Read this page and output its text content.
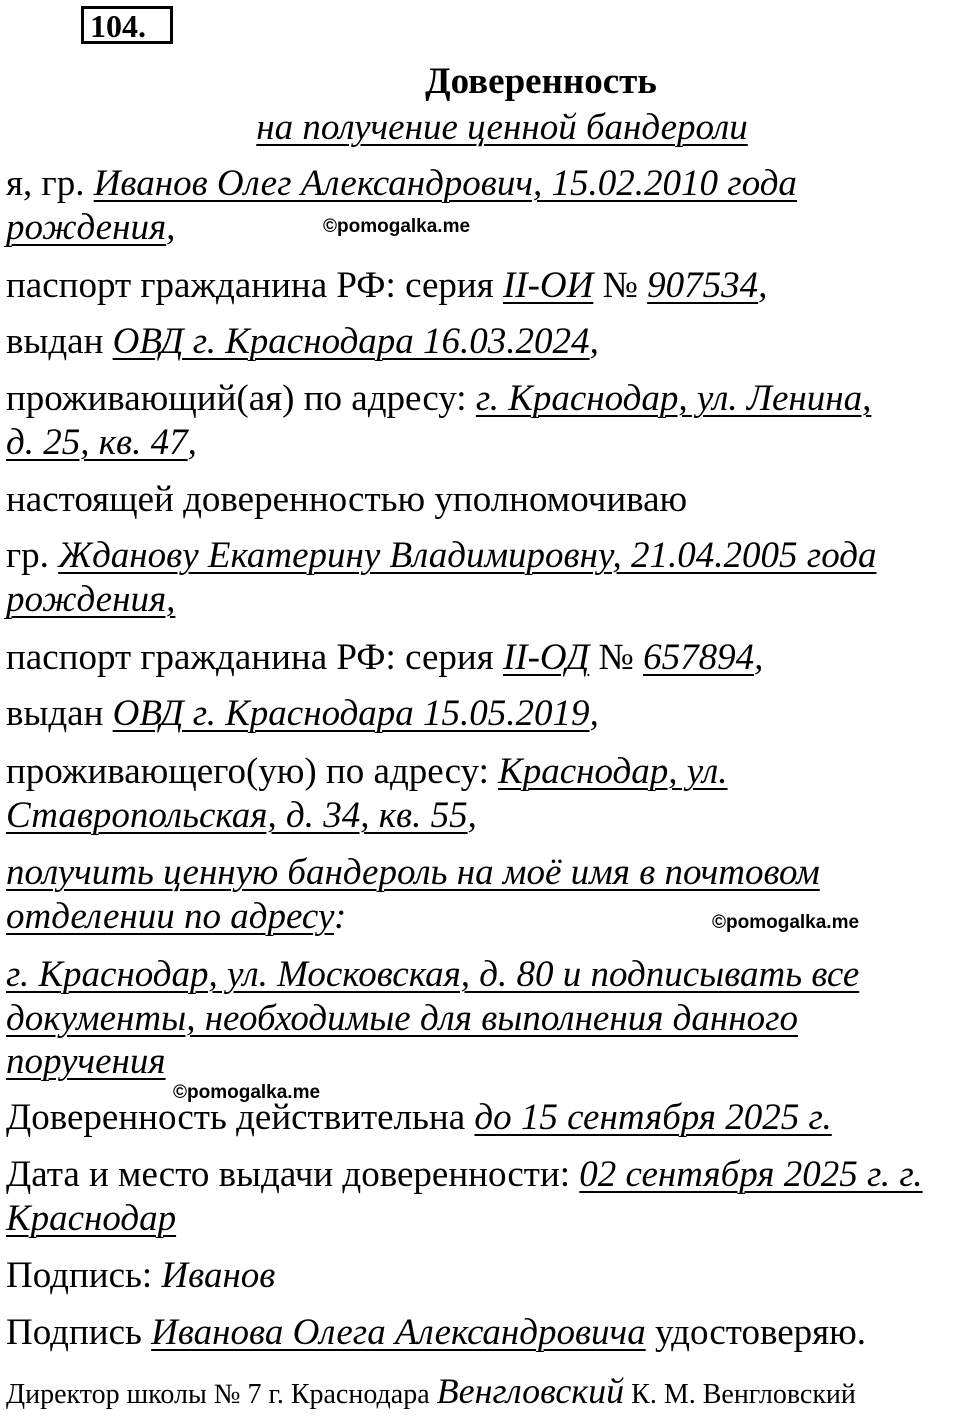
104.
Доверенность
на получение ценной бандероли
я, гр. Иванов Олег Александрович, 15.02.2010 года
рождения,	©pomogalka.me
паспорт гражданина РФ: серия II-ОИ № 907534,
выдан ОВД г. Краснодара 16.03.2024,
проживающий(ая) по адресу: г. Краснодар, ул. Ленина,
д. 25, кв. 47,
настоящей доверенностью уполномочиваю
гр. Жданову Екатерину Владимировну, 21.04.2005 года
рождения,
паспорт гражданина РФ: серия II-ОД № 657894,
выдан ОВД г. Краснодара 15.05.2019,
проживающего(ую) по адресу: Краснодар, ул.
Ставропольская, д. 34, кв. 55,
получить ценную бандероль на моё имя в почтовом
отделении по адресу:	©pomogalka.me
г. Краснодар, ул. Московская, д. 80 и подписывать все
документы, необходимые для выполнения данного
поручения
©pomogalka.me
Доверенность действительна до 15 сентября 2025 г.
Дата и место выдачи доверенности: 02 сентября 2025 г. г.
Краснодар
Подпись: Иванов
Подпись Иванова Олега Александровича удостоверяю.
Директор школы № 7 г. Краснодара Венгловский К. М. Венгловский
